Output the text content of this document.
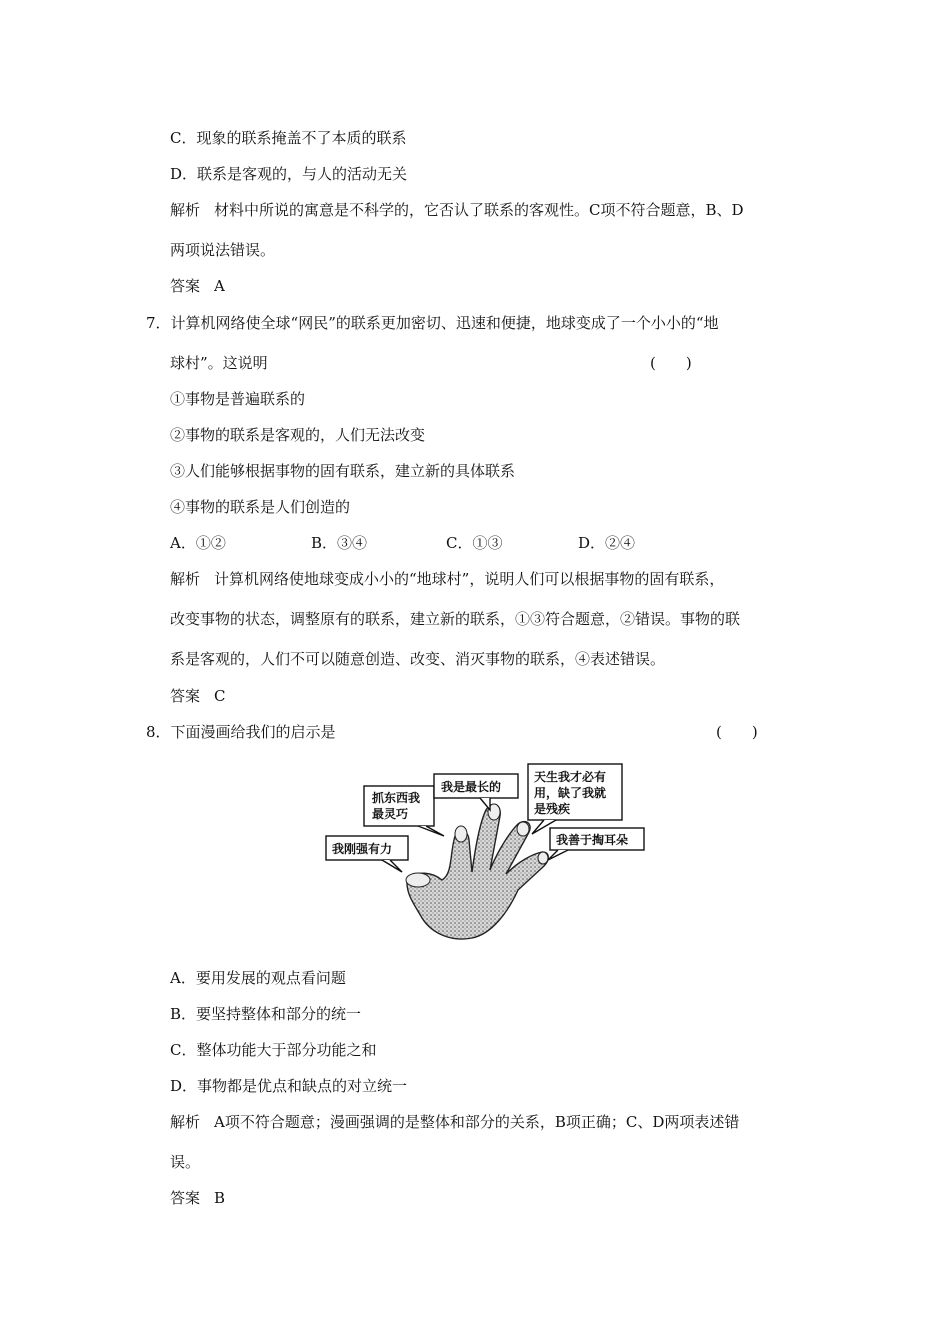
C．现象的联系掩盖不了本质的联系
D．联系是客观的，与人的活动无关
解析 材料中所说的寓意是不科学的，它否认了联系的客观性。C项不符合题意，B、D
两项说法错误。
答案 A
7．计算机网络使全球“网民”的联系更加密切、迅速和便捷，地球变成了一个小小的“地
球村”。这说明	(　　)
①事物是普遍联系的
②事物的联系是客观的，人们无法改变
③人们能够根据事物的固有联系，建立新的具体联系
④事物的联系是人们创造的
A．①②	B．③④	C．①③	D．②④
解析 计算机网络使地球变成小小的“地球村”，说明人们可以根据事物的固有联系，
改变事物的状态，调整原有的联系，建立新的联系，①③符合题意，②错误。事物的联
系是客观的，人们不可以随意创造、改变、消灭事物的联系，④表述错误。
答案 C
8．下面漫画给我们的启示是	(　　)
我刚强有力
抓东西我
最灵巧
我是最长的
天生我才必有
用，缺了我就
是残疾
我善于掏耳朵
A．要用发展的观点看问题
B．要坚持整体和部分的统一
C．整体功能大于部分功能之和
D．事物都是优点和缺点的对立统一
解析 A项不符合题意；漫画强调的是整体和部分的关系，B项正确；C、D两项表述错
误。
答案 B
